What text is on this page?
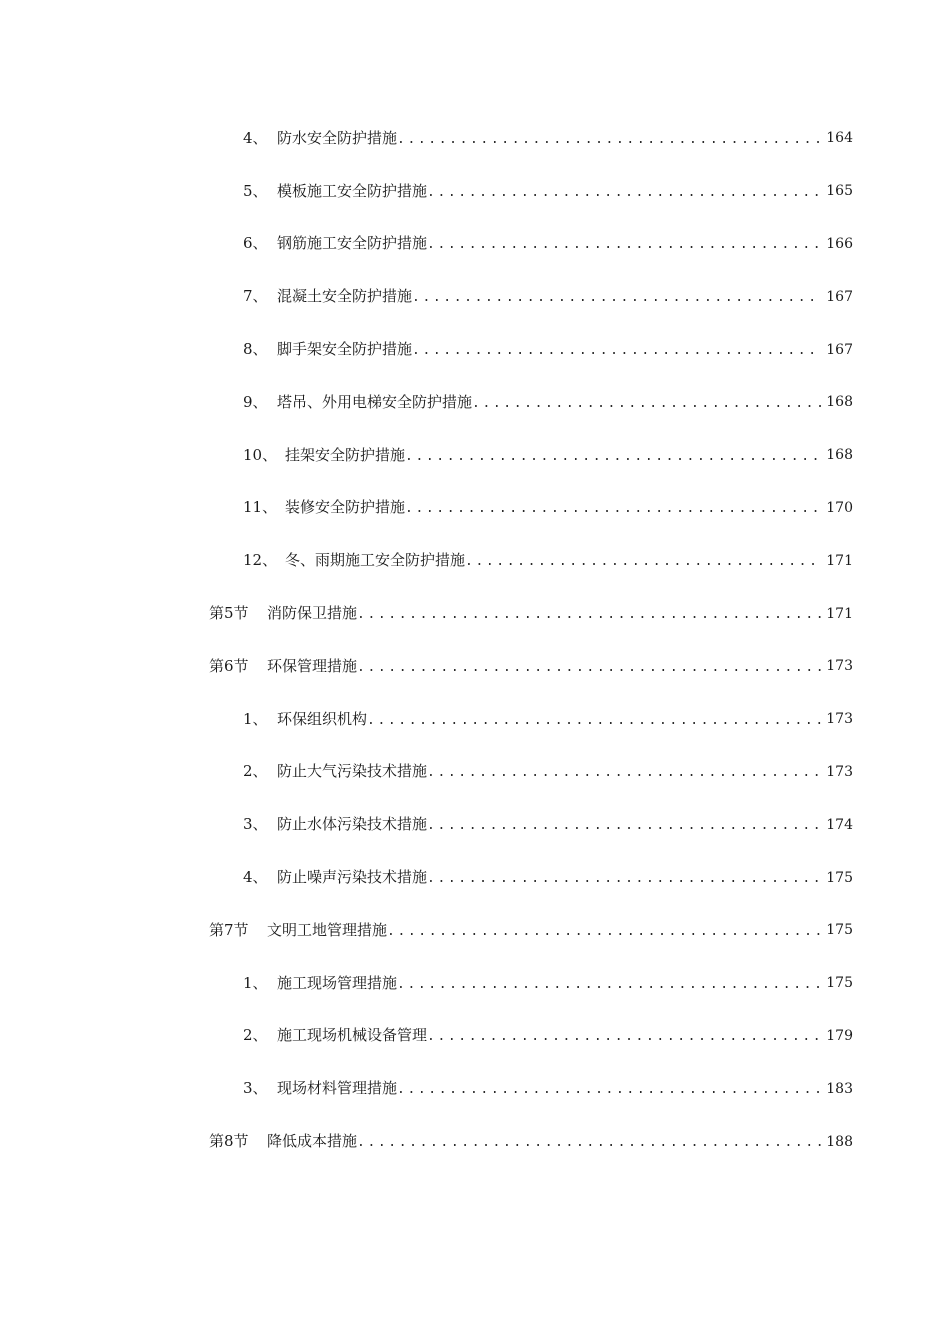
4、 防水安全防护措施 .....	164
5、 模板施工安全防护措施 .....	165
6、 钢筋施工安全防护措施 .....	166
7、 混凝土安全防护措施 .....	167
8、 脚手架安全防护措施 .....	167
9、 塔吊、外用电梯安全防护措施 .....	168
10、 挂架安全防护措施 .....	168
11、 装修安全防护措施 .....	170
12、 冬、雨期施工安全防护措施 .....	171
第5节	消防保卫措施 .....	171
第6节	环保管理措施 .....	173
1、 环保组织机构 .....	173
2、 防止大气污染技术措施 .....	173
3、 防止水体污染技术措施 .....	174
4、 防止噪声污染技术措施 .....	175
第7节	文明工地管理措施 .....	175
1、 施工现场管理措施 .....	175
2、 施工现场机械设备管理 .....	179
3、 现场材料管理措施 .....	183
第8节	降低成本措施 .....	188
